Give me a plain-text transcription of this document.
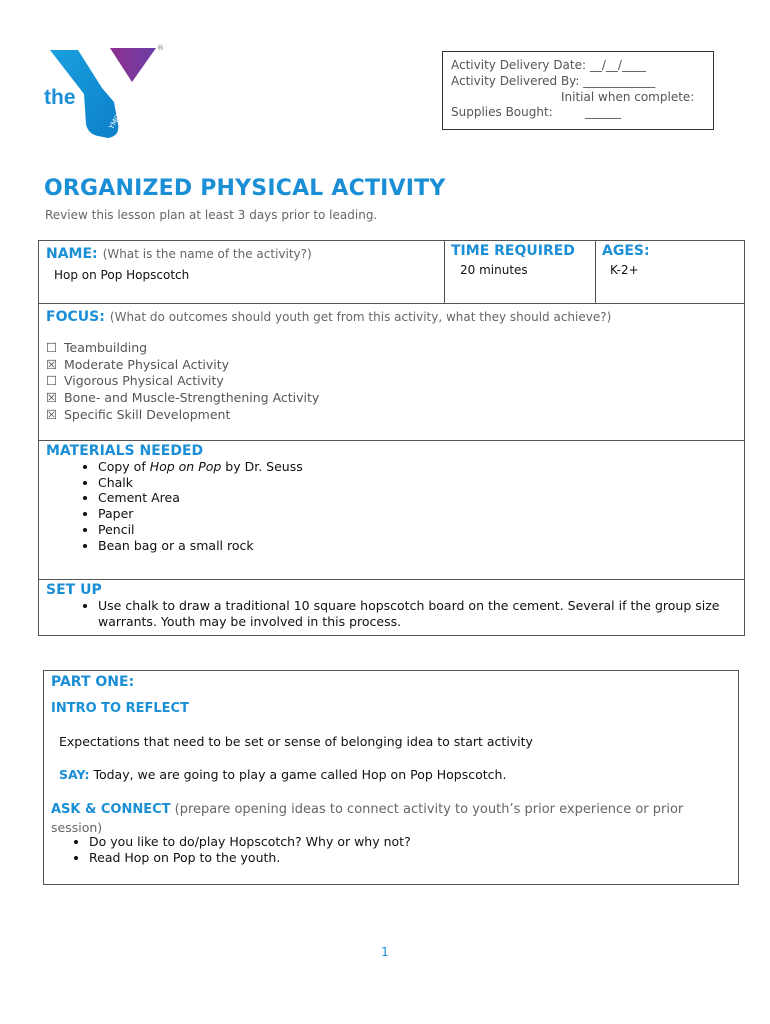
the
YMCA
®
Activity Delivery Date: __/__/____
Activity Delivered By: ____________
Initial when complete:
Supplies Bought:	______
ORGANIZED PHYSICAL ACTIVITY
Review this lesson plan at least 3 days prior to leading.
NAME: (What is the name of the activity?)
Hop on Pop Hopscotch

TIME REQUIRED
20 minutes

AGES:
K-2+

FOCUS: (What do outcomes should youth get from this activity, what they should achieve?)
☐ Teambuilding
☒ Moderate Physical Activity
☐ Vigorous Physical Activity
☒ Bone- and Muscle-Strengthening Activity
☒ Specific Skill Development

MATERIALS NEEDED
• Copy of Hop on Pop by Dr. Seuss
• Chalk
• Cement Area
• Paper
• Pencil
• Bean bag or a small rock

SET UP
• Use chalk to draw a traditional 10 square hopscotch board on the cement. Several if the group size warrants. Youth may be involved in this process.
PART ONE:
INTRO TO REFLECT
Expectations that need to be set or sense of belonging idea to start activity
SAY: Today, we are going to play a game called Hop on Pop Hopscotch.
ASK & CONNECT (prepare opening ideas to connect activity to youth’s prior experience or prior
session)
• Do you like to do/play Hopscotch? Why or why not?
• Read Hop on Pop to the youth.
1
